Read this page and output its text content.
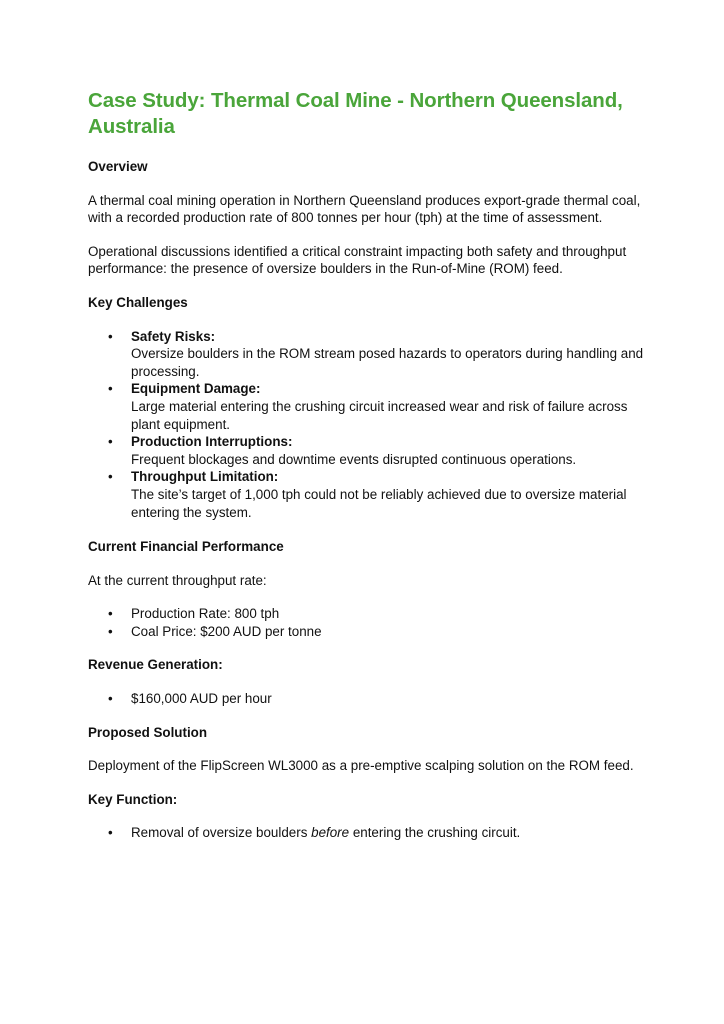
Case Study: Thermal Coal Mine - Northern Queensland, Australia
Overview

A thermal coal mining operation in Northern Queensland produces export-grade thermal coal, with a recorded production rate of 800 tonnes per hour (tph) at the time of assessment.

Operational discussions identified a critical constraint impacting both safety and throughput performance: the presence of oversize boulders in the Run-of-Mine (ROM) feed.

Key Challenges
• Safety Risks:
Oversize boulders in the ROM stream posed hazards to operators during handling and processing.
• Equipment Damage:
Large material entering the crushing circuit increased wear and risk of failure across plant equipment.
• Production Interruptions:
Frequent blockages and downtime events disrupted continuous operations.
• Throughput Limitation:
The site’s target of 1,000 tph could not be reliably achieved due to oversize material entering the system.
Current Financial Performance

At the current throughput rate:

• Production Rate: 800 tph
• Coal Price: $200 AUD per tonne
Revenue Generation:
• $160,000 AUD per hour
Proposed Solution

Deployment of the FlipScreen WL3000 as a pre-emptive scalping solution on the ROM feed.

Key Function:
• Removal of oversize boulders before entering the crushing circuit.
